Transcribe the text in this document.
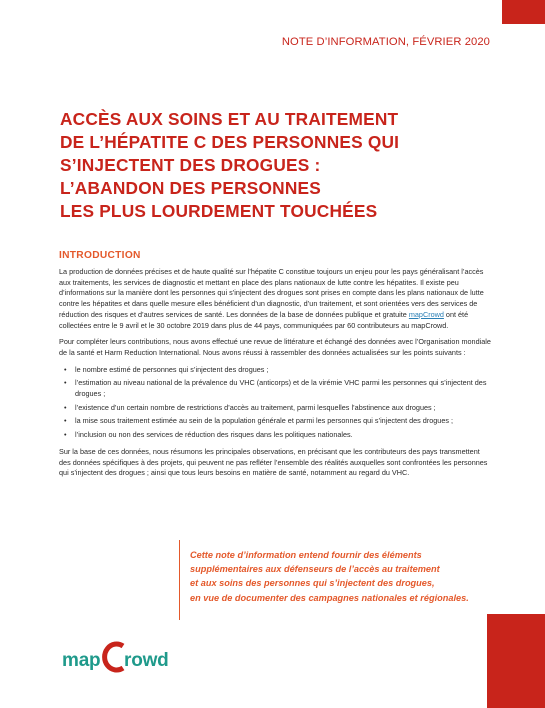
NOTE D’INFORMATION, FÉVRIER 2020
ACCÈS AUX SOINS ET AU TRAITEMENT
DE L’HÉPATITE C DES PERSONNES QUI
S’INJECTENT DES DROGUES :
L’ABANDON DES PERSONNES
LES PLUS LOURDEMENT TOUCHÉES
INTRODUCTION

La production de données précises et de haute qualité sur l’hépatite C constitue toujours un enjeu pour les pays généralisant l’accès aux traitements, les services de diagnostic et mettant en place des plans nationaux de lutte contre les hépatites. Il existe peu d’informations sur la manière dont les personnes qui s’injectent des drogues sont prises en compte dans les plans nationaux de lutte contre les hépatites et dans quelle mesure elles bénéficient d’un diagnostic, d’un traitement, et sont orientées vers des services de réduction des risques et d’autres services de santé. Les données de la base de données publique et gratuite mapCrowd ont été collectées entre le 9 avril et le 30 octobre 2019 dans plus de 44 pays, communiquées par 60 contributeurs au mapCrowd.

Pour compléter leurs contributions, nous avons effectué une revue de littérature et échangé des données avec l’Organisation mondiale de la santé et Harm Reduction International. Nous avons réussi à rassembler des données actualisées sur les points suivants :

• le nombre estimé de personnes qui s’injectent des drogues ;
• l’estimation au niveau national de la prévalence du VHC (anticorps) et de la virémie VHC parmi les personnes qui s’injectent des drogues ;
• l’existence d’un certain nombre de restrictions d’accès au traitement, parmi lesquelles l’abstinence aux drogues ;
• la mise sous traitement estimée au sein de la population générale et parmi les personnes qui s’injectent des drogues ;
• l’inclusion ou non des services de réduction des risques dans les politiques nationales.

Sur la base de ces données, nous résumons les principales observations, en précisant que les contributeurs des pays transmettent des données spécifiques à des projets, qui peuvent ne pas refléter l’ensemble des réalités auxquelles sont confrontées les personnes qui s’injectent des drogues ; ainsi que tous leurs besoins en matière de santé, notamment au regard du VHC.

Cette note d’information entend fournir des éléments
supplémentaires aux défenseurs de l’accès au traitement
et aux soins des personnes qui s’injectent des drogues,
en vue de documenter des campagnes nationales et régionales.
map rowd
